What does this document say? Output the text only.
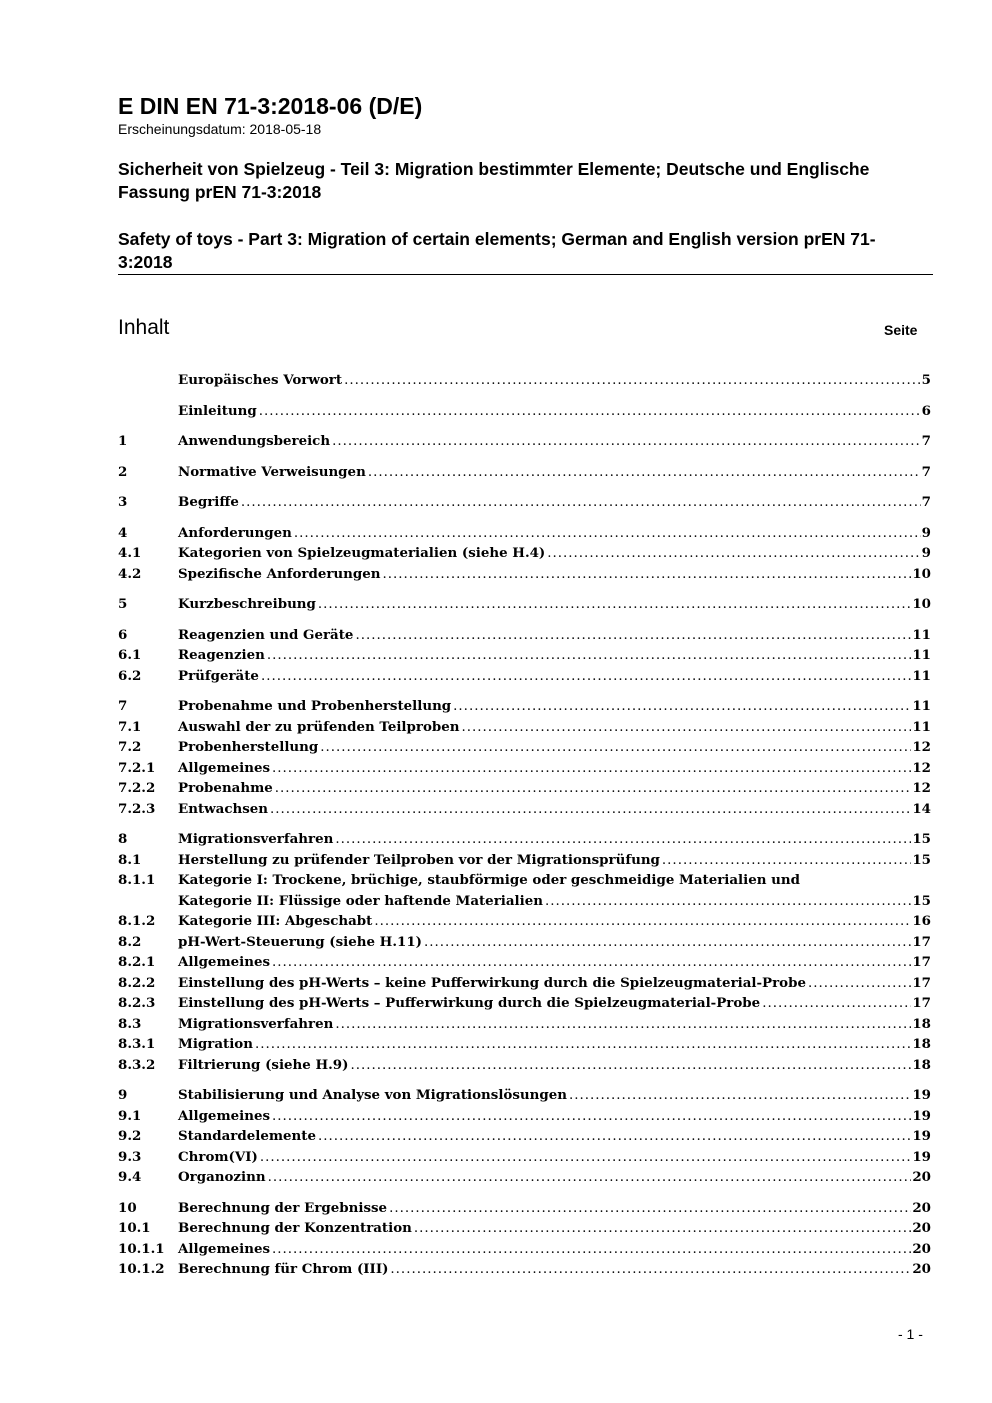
E DIN EN 71-3:2018-06 (D/E)
Erscheinungsdatum: 2018-05-18
Sicherheit von Spielzeug - Teil 3: Migration bestimmter Elemente; Deutsche und Englische Fassung prEN 71-3:2018
Safety of toys - Part 3: Migration of certain elements; German and English version prEN 71-3:2018
Inhalt	Seite
Europäisches Vorwort .....	5
Einleitung .....	6
1	Anwendungsbereich .....	7
2	Normative Verweisungen .....	7
3	Begriffe .....	7
4	Anforderungen .....	9
4.1	Kategorien von Spielzeugmaterialien (siehe H.4) .....	9
4.2	Spezifische Anforderungen .....	10
5	Kurzbeschreibung .....	10
6	Reagenzien und Geräte .....	11
6.1	Reagenzien .....	11
6.2	Prüfgeräte .....	11
7	Probenahme und Probenherstellung .....	11
7.1	Auswahl der zu prüfenden Teilproben .....	11
7.2	Probenherstellung .....	12
7.2.1	Allgemeines .....	12
7.2.2	Probenahme .....	12
7.2.3	Entwachsen .....	14
8	Migrationsverfahren .....	15
8.1	Herstellung zu prüfender Teilproben vor der Migrationsprüfung .....	15
8.1.1	Kategorie I: Trockene, brüchige, staubförmige oder geschmeidige Materialien und
Kategorie II: Flüssige oder haftende Materialien .....	15
8.1.2	Kategorie III: Abgeschabt .....	16
8.2	pH-Wert-Steuerung (siehe H.11) .....	17
8.2.1	Allgemeines .....	17
8.2.2	Einstellung des pH-Werts – keine Pufferwirkung durch die Spielzeugmaterial-Probe .....	17
8.2.3	Einstellung des pH-Werts – Pufferwirkung durch die Spielzeugmaterial-Probe .....	17
8.3	Migrationsverfahren .....	18
8.3.1	Migration .....	18
8.3.2	Filtrierung (siehe H.9) .....	18
9	Stabilisierung und Analyse von Migrationslösungen .....	19
9.1	Allgemeines .....	19
9.2	Standardelemente .....	19
9.3	Chrom(VI) .....	19
9.4	Organozinn .....	20
10	Berechnung der Ergebnisse .....	20
10.1	Berechnung der Konzentration .....	20
10.1.1	Allgemeines .....	20
10.1.2	Berechnung für Chrom (III) .....	20
- 1 -
